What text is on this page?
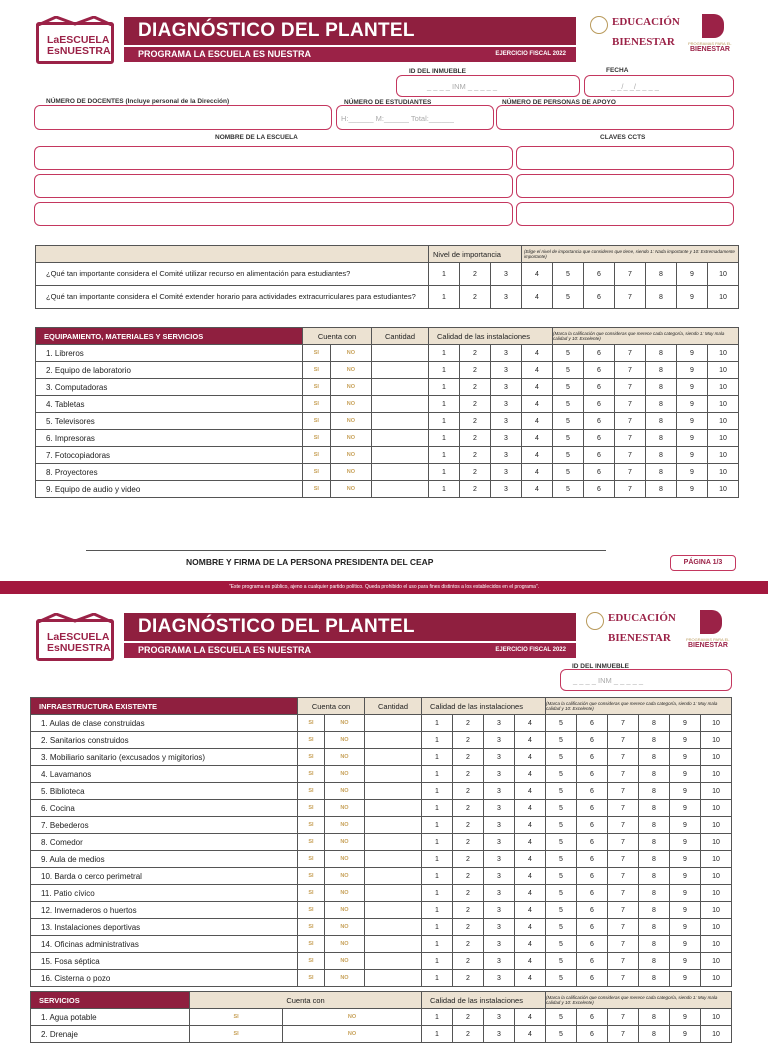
LaESCUELA
EsNUESTRA
DIAGNÓSTICO DEL PLANTEL
PROGRAMA LA ESCUELA ES NUESTRA	EJERCICIO FISCAL 2022
EDUCACIÓN
BIENESTAR	PROGRAMAS PARA EL
BIENESTAR
ID DEL INMUEBLE
_ _ _ _ INM _ _ _ _ _
FECHA
_ _/_ _/_ _ _ _
NÚMERO DE DOCENTES (Incluye personal de la Dirección)	NÚMERO DE ESTUDIANTES
H:______ M:______ Total:______
NÚMERO DE PERSONAS DE APOYO
NOMBRE DE LA ESCUELA	CLAVES CCTS
	Nivel de importancia			(Elige el nivel de importancia que consideres que tiene, siendo 1: Nada importante y 10: Extremadamente importante)						
¿Qué tan importante considera el Comité utilizar recurso en alimentación para estudiantes?	1	2	3	4	5	6	7	8	9	10
¿Qué tan importante considera el Comité extender horario para actividades extracurriculares para estudiantes?	1	2	3	4	5	6	7	8	9	10
EQUIPAMIENTO, MATERIALES Y SERVICIOS	Cuenta con		Cantidad	Calidad de las instalaciones				(Marca la calificación que consideras que merece cada categoría, siendo 1: Muy mala calidad y 10: Excelente)					
1. Libreros	SI	NO		1	2	3	4	5	6	7	8	9	10
2. Equipo de laboratorio	SI	NO		1	2	3	4	5	6	7	8	9	10
3. Computadoras	SI	NO		1	2	3	4	5	6	7	8	9	10
4. Tabletas	SI	NO		1	2	3	4	5	6	7	8	9	10
5. Televisores	SI	NO		1	2	3	4	5	6	7	8	9	10
6. Impresoras	SI	NO		1	2	3	4	5	6	7	8	9	10
7. Fotocopiadoras	SI	NO		1	2	3	4	5	6	7	8	9	10
8. Proyectores	SI	NO		1	2	3	4	5	6	7	8	9	10
9. Equipo de audio y video	SI	NO		1	2	3	4	5	6	7	8	9	10
NOMBRE Y FIRMA DE LA PERSONA PRESIDENTA DEL CEAP	PÁGINA 1/3
"Este programa es público, ajeno a cualquier partido político. Queda prohibido el uso para fines distintos a los establecidos en el programa".
LaESCUELA
EsNUESTRA
DIAGNÓSTICO DEL PLANTEL
PROGRAMA LA ESCUELA ES NUESTRA	EJERCICIO FISCAL 2022
EDUCACIÓN
BIENESTAR	PROGRAMAS PARA EL
BIENESTAR
ID DEL INMUEBLE
_ _ _ _ INM _ _ _ _ _
INFRAESTRUCTURA EXISTENTE	Cuenta con		Cantidad	Calidad de las instalaciones				(Marca la calificación que consideras que merece cada categoría, siendo 1: Muy mala calidad y 10: Excelente)					
1. Aulas de clase construidas	SI	NO		1	2	3	4	5	6	7	8	9	10
2. Sanitarios construidos	SI	NO		1	2	3	4	5	6	7	8	9	10
3. Mobiliario sanitario (excusados y migitorios)	SI	NO		1	2	3	4	5	6	7	8	9	10
4. Lavamanos	SI	NO		1	2	3	4	5	6	7	8	9	10
5. Biblioteca	SI	NO		1	2	3	4	5	6	7	8	9	10
6. Cocina	SI	NO		1	2	3	4	5	6	7	8	9	10
7. Bebederos	SI	NO		1	2	3	4	5	6	7	8	9	10
8. Comedor	SI	NO		1	2	3	4	5	6	7	8	9	10
9. Aula de medios	SI	NO		1	2	3	4	5	6	7	8	9	10
10. Barda o cerco perimetral	SI	NO		1	2	3	4	5	6	7	8	9	10
11. Patio cívico	SI	NO		1	2	3	4	5	6	7	8	9	10
12. Invernaderos o huertos	SI	NO		1	2	3	4	5	6	7	8	9	10
13. Instalaciones deportivas	SI	NO		1	2	3	4	5	6	7	8	9	10
14. Oficinas administrativas	SI	NO		1	2	3	4	5	6	7	8	9	10
15. Fosa séptica	SI	NO		1	2	3	4	5	6	7	8	9	10
16. Cisterna o pozo	SI	NO		1	2	3	4	5	6	7	8	9	10
SERVICIOS	Cuenta con		Calidad de las instalaciones				(Marca la calificación que consideras que merece cada categoría, siendo 1: Muy mala calidad y 10: Excelente)					
1. Agua potable	SI	NO	1	2	3	4	5	6	7	8	9	10
2. Drenaje	SI	NO	1	2	3	4	5	6	7	8	9	10
